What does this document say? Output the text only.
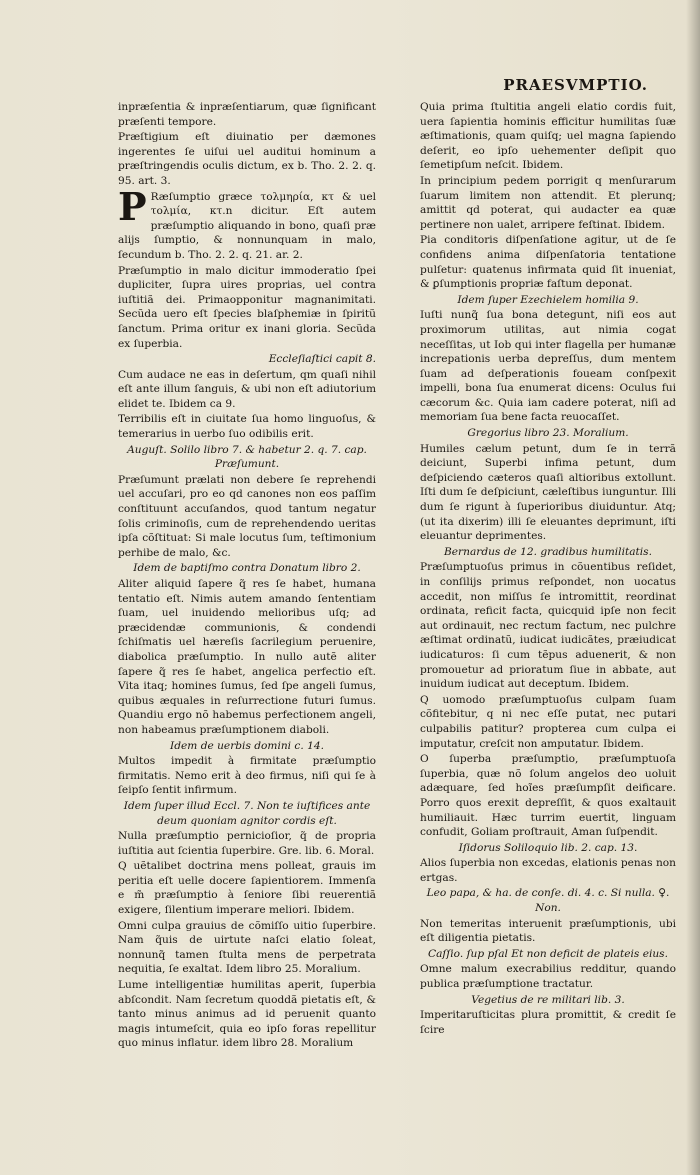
PRAESVMPTIO.

inpræſentia & inpræſentiarum, quæ ſignificant præſenti tempore.

Præſtigium eſt diuinatio per dæmones ingerentes ſe uiſui uel auditui hominum a præſtringendis oculis dictum, ex b. Tho. 2. 2. q. 95. art. 3.

P Ræſumptio græce τολμηρία, κτ & uel τολμία, κτ.n dicitur. Eſt autem præſumptio aliquando in bono, quaſi præ alijs ſumptio, & nonnunquam in malo, ſecundum b. Tho. 2. 2. q. 21. ar. 2.

Præſumptio in malo dicitur immoderatio ſpei dupliciter, ſupra uires proprias, uel contra iuſtitiã dei. Primaopponitur magnanimitati. Secũda uero eſt ſpecies blaſphemiæ in ſpiritũ ſanctum. Prima oritur ex inani gloria. Secũda ex ſuperbia.

Eccleſiaſtici capit 8.

Cum audace ne eas in deſertum, qm quaſi nihil eſt ante illum ſanguis, & ubi non eſt adiutorium elidet te. Ibidem ca 9.

Terribilis eſt in ciuitate ſua homo linguoſus, & temerarius in uerbo ſuo odibilis erit.

Auguſt. Solilo libro 7. & habetur 2. q. 7. cap. Præſumunt.

Præſumunt prælati non debere ſe reprehendi uel accuſari, pro eo qd canones non eos paſſim conſtituunt accuſandos, quod tantum negatur ſolis criminoſis, cum de reprehendendo ueritas ipſa cõſtituat: Si male locutus ſum, teſtimonium perhibe de malo, &c.

Idem de baptiſmo contra Donatum libro 2.

Aliter aliquid ſapere q̃ res ſe habet, humana tentatio eſt. Nimis autem amando ſententiam ſuam, uel inuidendo melioribus uſq; ad præcidendæ communionis, & condendi ſchiſmatis uel hæreſis ſacrilegium peruenire, diabolica præſumptio. In nullo autẽ aliter ſapere q̃ res ſe habet, angelica perfectio eſt. Vita itaq; homines ſumus, ſed ſpe angeli ſumus, quibus æquales in reſurrectione futuri ſumus. Quandiu ergo nõ habemus perfectionem angeli, non habeamus præſumptionem diaboli.

Idem de uerbis domini c. 14.

Multos impedit à firmitate præſumptio firmitatis. Nemo erit à deo firmus, niſi qui ſe à ſeipſo ſentit infirmum.

Idem ſuper illud Eccl. 7. Non te iuſtifices ante deum quoniam agnitor cordis eſt.

Nulla præſumptio pernicioſior, q̃ de propria iuſtitia aut ſcientia ſuperbire. Gre. lib. 6. Moral.

Q uẽtalibet doctrina mens polleat, grauis im peritia eſt uelle docere ſapientiorem. Immenſa e m̃ præſumptio à ſeniore ſibi reuerentiã exigere, ſilentium imperare meliori. Ibidem.

Omni culpa grauius de cõmiſſo uitio ſuperbire. Nam q̃uis de uirtute naſci elatio ſoleat, nonnunq̃ tamen ſtulta mens de perpetrata nequitia, ſe exaltat. Idem libro 25. Moralium.

Lume intelligentiæ humilitas aperit, ſuperbia abſcondit. Nam ſecretum quoddã pietatis eſt, & tanto minus animus ad id peruenit quanto magis intumeſcit, quia eo ipſo foras repellitur quo minus inflatur. idem libro 28. Moralium

Quia prima ſtultitia angeli elatio cordis fuit, uera ſapientia hominis efficitur humilitas ſuæ æſtimationis, quam quiſq; uel magna ſapiendo deſerit, eo ipſo uehementer deſipit quo ſemetipſum neſcit. Ibidem.

In principium pedem porrigit q menſurarum ſuarum limitem non attendit. Et plerunq; amittit qd poterat, qui audacter ea quæ pertinere non ualet, arripere feſtinat. Ibidem.

Pia conditoris diſpenſatione agitur, ut de ſe confidens anima diſpenſatoria tentatione pulſetur: quatenus infirmata quid ſit inueniat, & ꝑſumptionis propriæ faſtum deponat.

Idem ſuper Ezechielem homilia 9.

Iuſti nunq̃ ſua bona detegunt, niſi eos aut proximorum utilitas, aut nimia cogat neceſſitas, ut Iob qui inter flagella per humanæ increpationis uerba depreſſus, dum mentem ſuam ad deſperationis foueam conſpexit impelli, bona ſua enumerat dicens: Oculus fui cæcorum &c. Quia iam cadere poterat, niſi ad memoriam ſua bene facta reuocaſſet.

Gregorius libro 23. Moralium.

Humiles cælum petunt, dum ſe in terrã deiciunt, Superbi infima petunt, dum deſpiciendo cæteros quaſi altioribus extollunt. Iſti dum ſe deſpiciunt, cæleſtibus iunguntur. Illi dum ſe rigunt à ſuperioribus diuiduntur. Atq; (ut ita dixerim) illi ſe eleuantes deprimunt, iſti eleuantur deprimentes.

Bernardus de 12. gradibus humilitatis.

Præſumptuoſus primus in cõuentibus reſidet, in conſilijs primus reſpondet, non uocatus accedit, non miſſus ſe intromittit, reordinat ordinata, reficit facta, quicquid ipſe non fecit aut ordinauit, nec rectum factum, nec pulchre æſtimat ordinatũ, iudicat iudicãtes, præiudicat iudicaturos: ſi cum tẽpus aduenerit, & non promouetur ad prioratum ſiue in abbate, aut inuidum iudicat aut deceptum. Ibidem.

Q uomodo præſumptuoſus culpam ſuam cõfitebitur, q ni nec eſſe putat, nec putari culpabilis patitur? propterea cum culpa ei imputatur, creſcit non amputatur. Ibidem.

O ſuperba præſumptio, præſumptuoſa ſuperbia, quæ nõ ſolum angelos deo uoluit adæquare, ſed hoĩes præſumpſit deificare. Porro quos erexit depreſſit, & quos exaltauit humiliauit. Hæc turrim euertit, linguam confudit, Goliam proſtrauit, Aman ſuſpendit.

Iſidorus Soliloquio lib. 2. cap. 13.

Alios ſuperbia non excedas, elationis penas non ertgas.

Leo papa, & ha. de conſe. di. 4. c. Si nulla. ♀. Non.

Non temeritas interuenit præſumptionis, ubi eſt diligentia pietatis.

Caſſio. ſup pſal Et non deficit de plateis eius.

Omne malum execrabilius redditur, quando publica præſumptione tractatur.

Vegetius de re militari lib. 3.

Imperitaruſticitas plura promittit, & credit ſe ſcire
